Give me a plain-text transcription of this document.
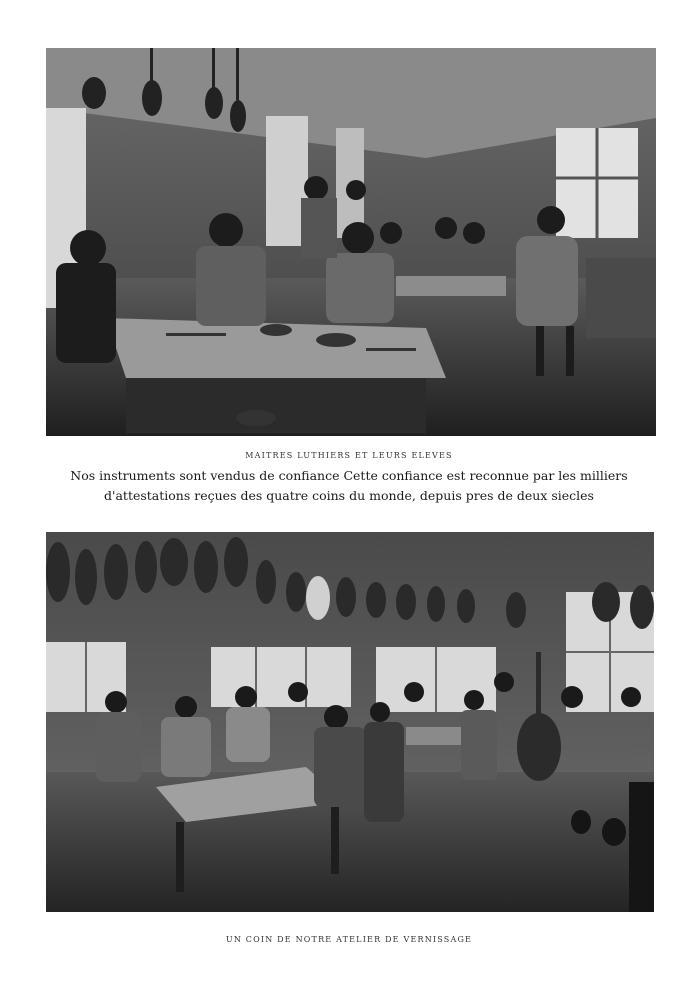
MAITRES LUTHIERS ET LEURS ELEVES
Nos instruments sont vendus de confiance Cette confiance est reconnue par les milliers
d'attestations reçues des quatre coins du monde, depuis pres de deux siecles
UN COIN DE NOTRE ATELIER DE VERNISSAGE
